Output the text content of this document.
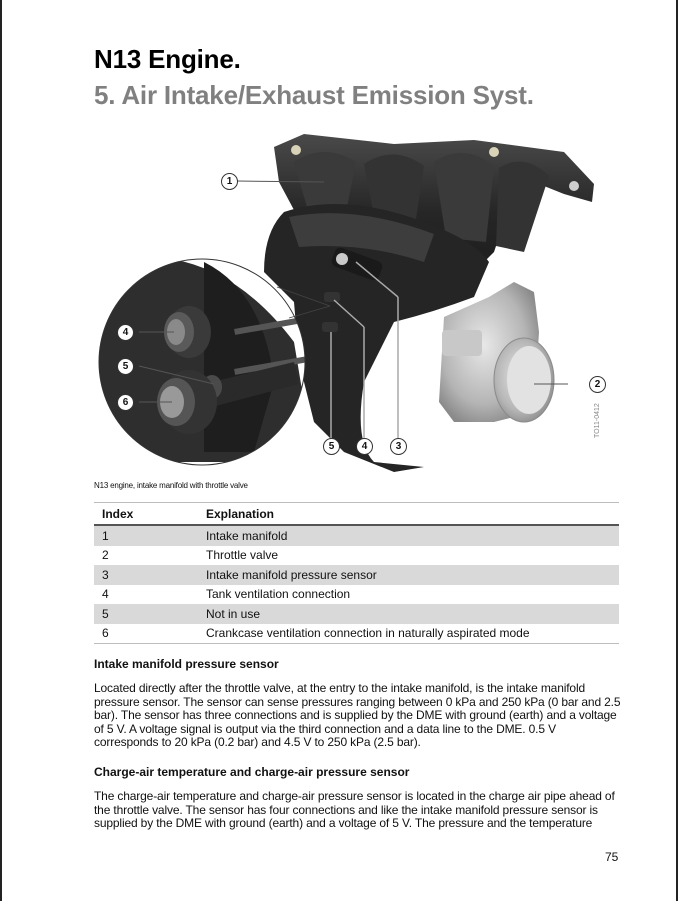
N13 Engine.
5. Air Intake/Exhaust Emission Syst.
1
2
3
4
5
4
5
6
TO11-0412
N13 engine, intake manifold with throttle valve
Index	Explanation
1	Intake manifold
2	Throttle valve
3	Intake manifold pressure sensor
4	Tank ventilation connection
5	Not in use
6	Crankcase ventilation connection in naturally aspirated mode
Intake manifold pressure sensor

Located directly after the throttle valve, at the entry to the intake manifold, is the intake manifold pressure sensor. The sensor can sense pressures ranging between 0 kPa and 250 kPa (0 bar and 2.5 bar). The sensor has three connections and is supplied by the DME with ground (earth) and a voltage of 5 V. A voltage signal is output via the third connection and a data line to the DME. 0.5 V corresponds to 20 kPa (0.2 bar) and 4.5 V to 250 kPa (2.5 bar).

Charge-air temperature and charge-air pressure sensor

The charge-air temperature and charge-air pressure sensor is located in the charge air pipe ahead of the throttle valve. The sensor has four connections and like the intake manifold pressure sensor is supplied by the DME with ground (earth) and a voltage of 5 V. The pressure and the temperature

75
